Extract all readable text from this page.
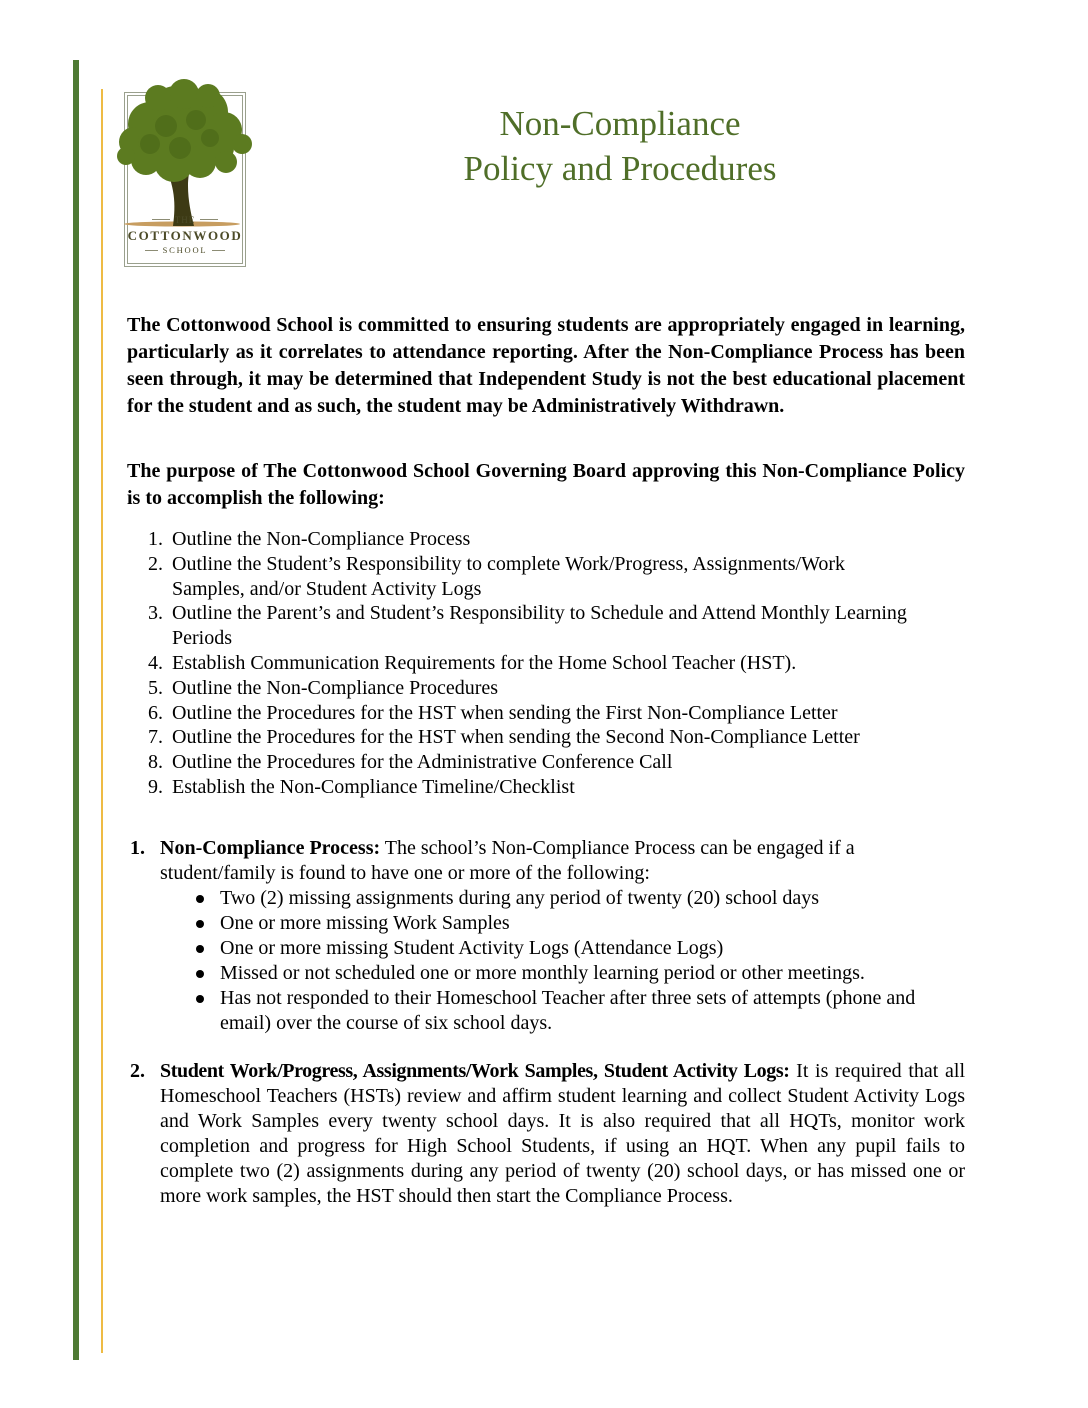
THE
COTTONWOOD
SCHOOL
Non-Compliance
Policy and Procedures

The Cottonwood School is committed to ensuring students are appropriately engaged in learning, particularly as it correlates to attendance reporting. After the Non-Compliance Process has been seen through, it may be determined that Independent Study is not the best educational placement for the student and as such, the student may be Administratively Withdrawn.

The purpose of The Cottonwood School Governing Board approving this Non-Compliance Policy is to accomplish the following:

1. Outline the Non-Compliance Process
2. Outline the Student’s Responsibility to complete Work/Progress, Assignments/Work Samples, and/or Student Activity Logs
3. Outline the Parent’s and Student’s Responsibility to Schedule and Attend Monthly Learning Periods
4. Establish Communication Requirements for the Home School Teacher (HST).
5. Outline the Non-Compliance Procedures
6. Outline the Procedures for the HST when sending the First Non-Compliance Letter
7. Outline the Procedures for the HST when sending the Second Non-Compliance Letter
8. Outline the Procedures for the Administrative Conference Call
9. Establish the Non-Compliance Timeline/Checklist
1. Non-Compliance Process: The school’s Non-Compliance Process can be engaged if a student/family is found to have one or more of the following:
Two (2) missing assignments during any period of twenty (20) school days
One or more missing Work Samples
One or more missing Student Activity Logs (Attendance Logs)
Missed or not scheduled one or more monthly learning period or other meetings.
Has not responded to their Homeschool Teacher after three sets of attempts (phone and email) over the course of six school days.
2. Student Work/Progress, Assignments/Work Samples, Student Activity Logs: It is required that all Homeschool Teachers (HSTs) review and affirm student learning and collect Student Activity Logs and Work Samples every twenty school days. It is also required that all HQTs, monitor work completion and progress for High School Students, if using an HQT. When any pupil fails to complete two (2) assignments during any period of twenty (20) school days, or has missed one or more work samples, the HST should then start the Compliance Process.
